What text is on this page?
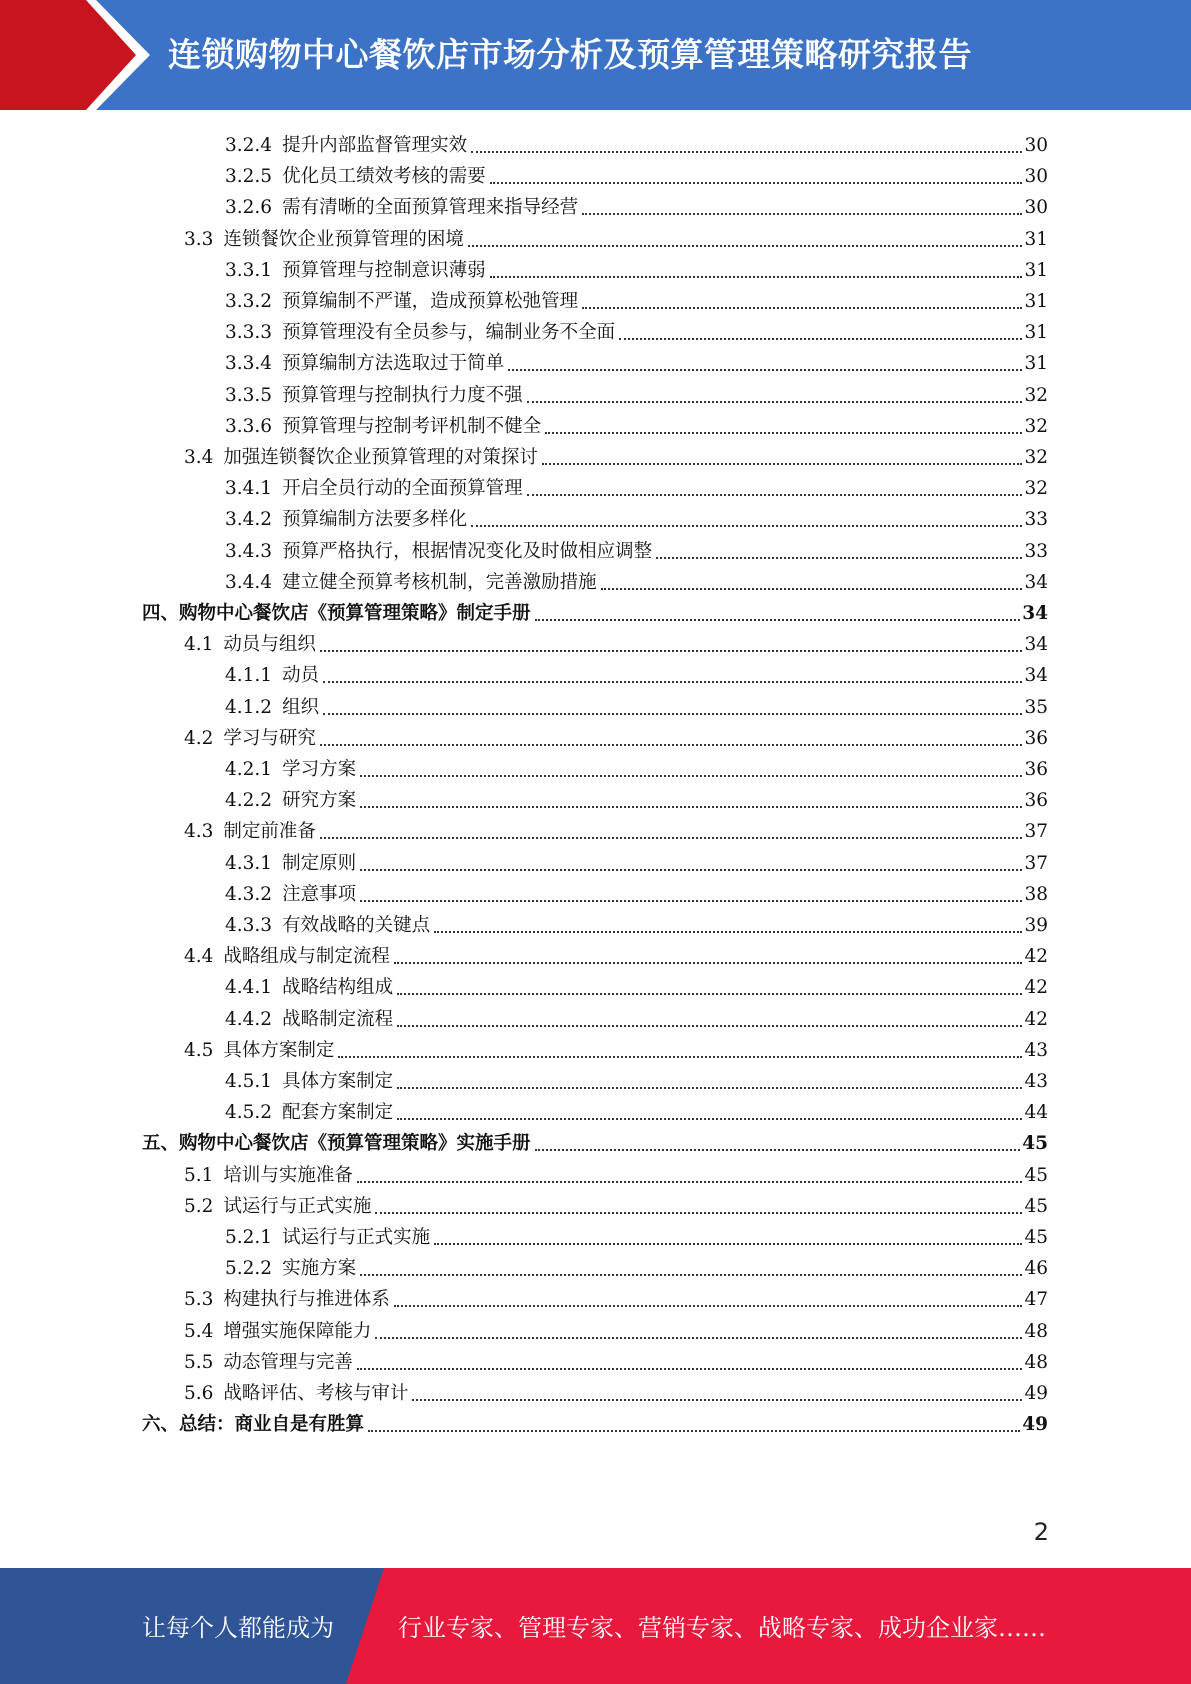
连锁购物中心餐饮店市场分析及预算管理策略研究报告
3.2.4 提升内部监督管理实效	30
3.2.5 优化员工绩效考核的需要	30
3.2.6 需有清晰的全面预算管理来指导经营	30
3.3 连锁餐饮企业预算管理的困境	31
3.3.1 预算管理与控制意识薄弱	31
3.3.2 预算编制不严谨，造成预算松弛管理	31
3.3.3 预算管理没有全员参与，编制业务不全面	31
3.3.4 预算编制方法选取过于简单	31
3.3.5 预算管理与控制执行力度不强	32
3.3.6 预算管理与控制考评机制不健全	32
3.4 加强连锁餐饮企业预算管理的对策探讨	32
3.4.1 开启全员行动的全面预算管理	32
3.4.2 预算编制方法要多样化	33
3.4.3 预算严格执行，根据情况变化及时做相应调整	33
3.4.4 建立健全预算考核机制，完善激励措施	34
四、购物中心餐饮店《预算管理策略》制定手册	34
4.1 动员与组织	34
4.1.1 动员	34
4.1.2 组织	35
4.2 学习与研究	36
4.2.1 学习方案	36
4.2.2 研究方案	36
4.3 制定前准备	37
4.3.1 制定原则	37
4.3.2 注意事项	38
4.3.3 有效战略的关键点	39
4.4 战略组成与制定流程	42
4.4.1 战略结构组成	42
4.4.2 战略制定流程	42
4.5 具体方案制定	43
4.5.1 具体方案制定	43
4.5.2 配套方案制定	44
五、购物中心餐饮店《预算管理策略》实施手册	45
5.1 培训与实施准备	45
5.2 试运行与正式实施	45
5.2.1 试运行与正式实施	45
5.2.2 实施方案	46
5.3 构建执行与推进体系	47
5.4 增强实施保障能力	48
5.5 动态管理与完善	48
5.6 战略评估、考核与审计	49
六、总结：商业自是有胜算	49
2
让每个人都能成为	行业专家、管理专家、营销专家、战略专家、成功企业家……
